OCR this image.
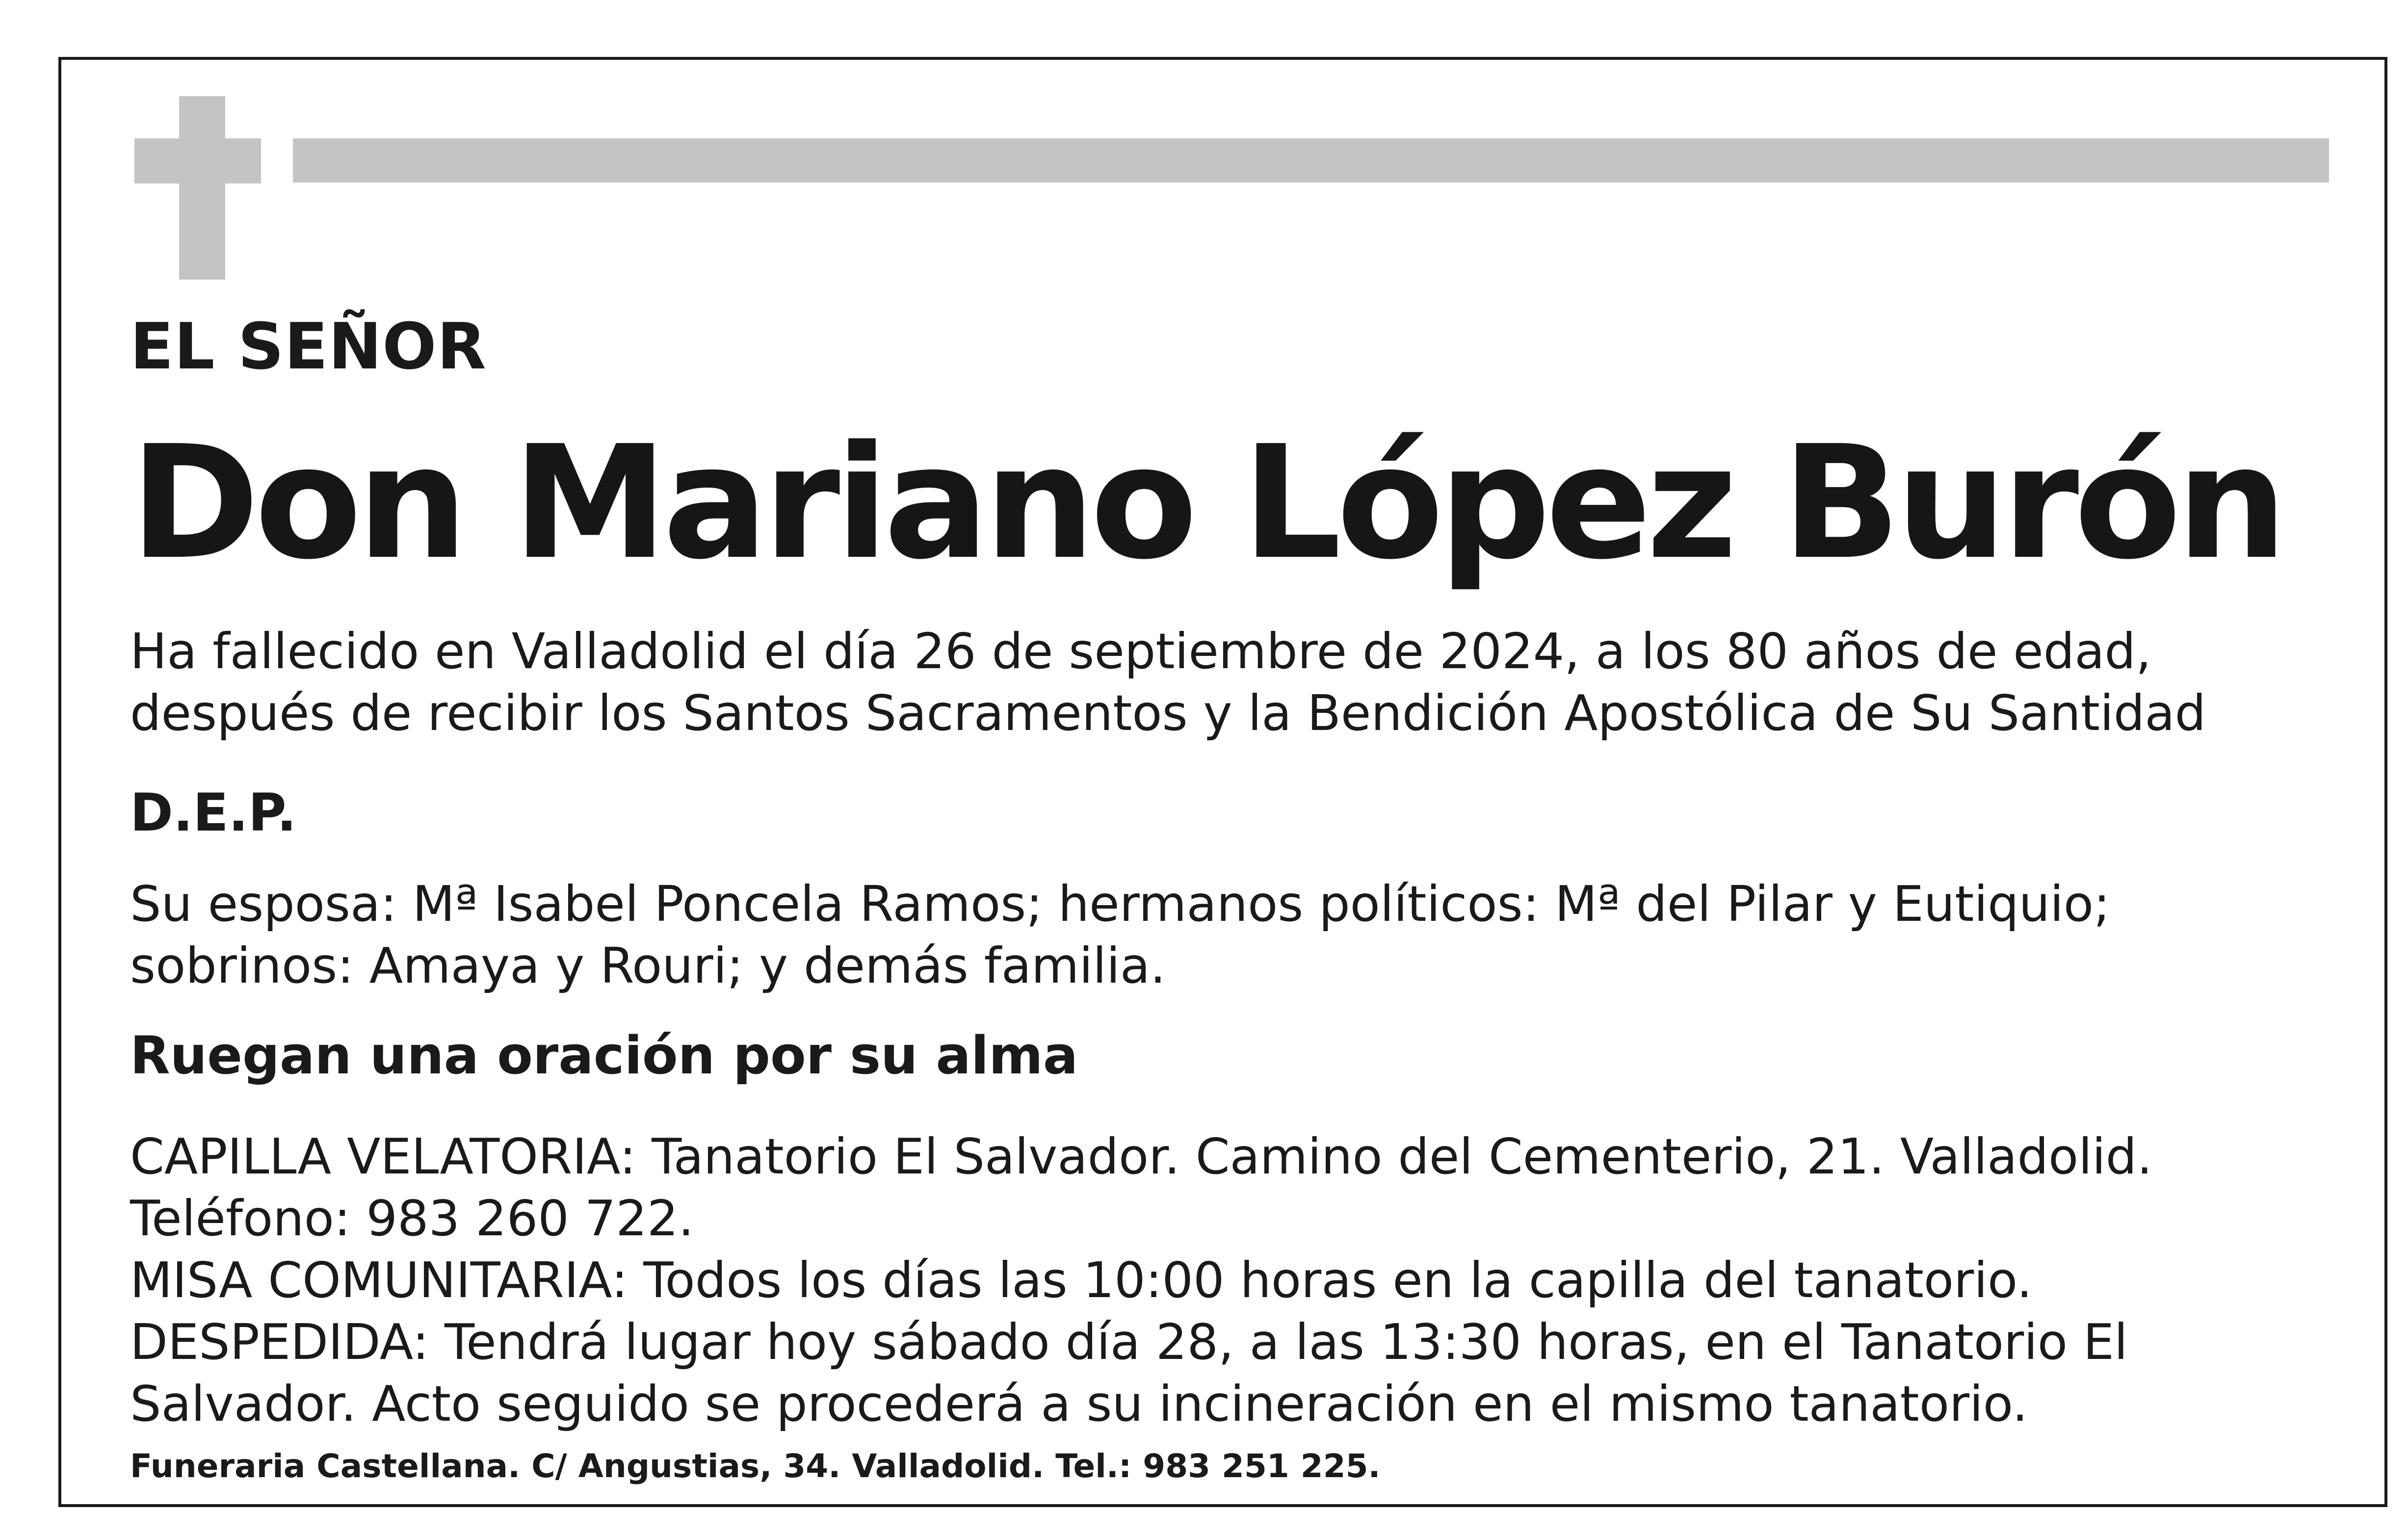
EL SEÑOR

Don Mariano López Burón

Ha fallecido en Valladolid el día 26 de septiembre de 2024, a los 80 años de edad,
después de recibir los Santos Sacramentos y la Bendición Apostólica de Su Santidad

D.E.P.

Su esposa: Mª Isabel Poncela Ramos; hermanos políticos: Mª del Pilar y Eutiquio;
sobrinos: Amaya y Rouri; y demás familia.

Ruegan una oración por su alma

CAPILLA VELATORIA: Tanatorio El Salvador. Camino del Cementerio, 21. Valladolid.
Teléfono: 983 260 722.
MISA COMUNITARIA: Todos los días las 10:00 horas en la capilla del tanatorio.
DESPEDIDA: Tendrá lugar hoy sábado día 28, a las 13:30 horas, en el Tanatorio El
Salvador. Acto seguido se procederá a su incineración en el mismo tanatorio.

Funeraria Castellana. C/ Angustias, 34. Valladolid. Tel.: 983 251 225.
